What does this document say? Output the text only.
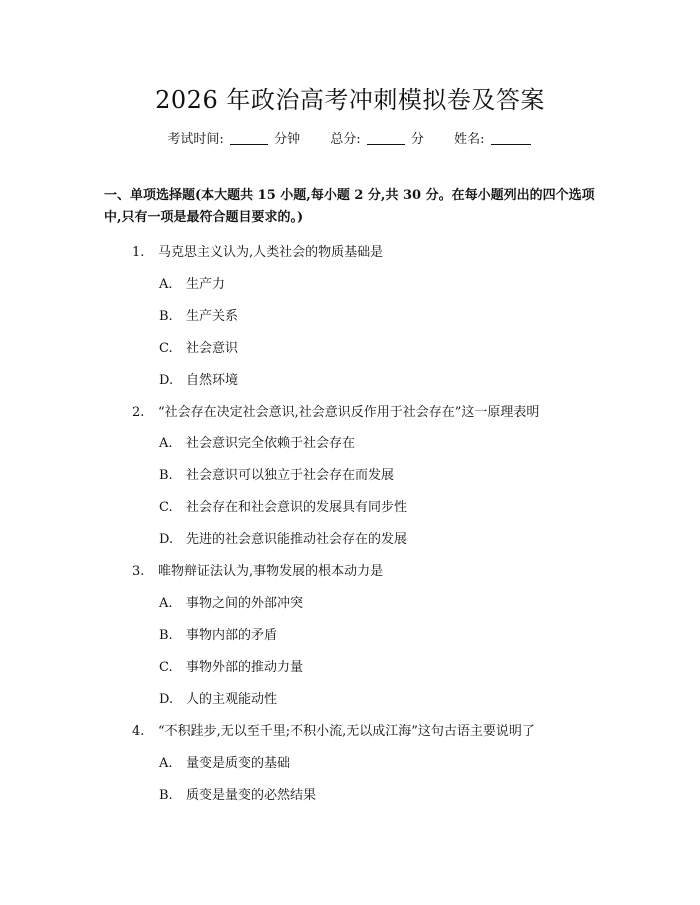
2026 年政治高考冲刺模拟卷及答案
考试时间:	分钟 总分:	分 姓名:
一、单项选择题(本大题共 15 小题,每小题 2 分,共 30 分。在每小题列出的四个选项中,只有一项是最符合题目要求的。)
1. 马克思主义认为,人类社会的物质基础是
A. 生产力
B. 生产关系
C. 社会意识
D. 自然环境
2. “社会存在决定社会意识,社会意识反作用于社会存在”这一原理表明
A. 社会意识完全依赖于社会存在
B. 社会意识可以独立于社会存在而发展
C. 社会存在和社会意识的发展具有同步性
D. 先进的社会意识能推动社会存在的发展
3. 唯物辩证法认为,事物发展的根本动力是
A. 事物之间的外部冲突
B. 事物内部的矛盾
C. 事物外部的推动力量
D. 人的主观能动性
4. “不积跬步,无以至千里;不积小流,无以成江海”这句古语主要说明了
A. 量变是质变的基础
B. 质变是量变的必然结果
